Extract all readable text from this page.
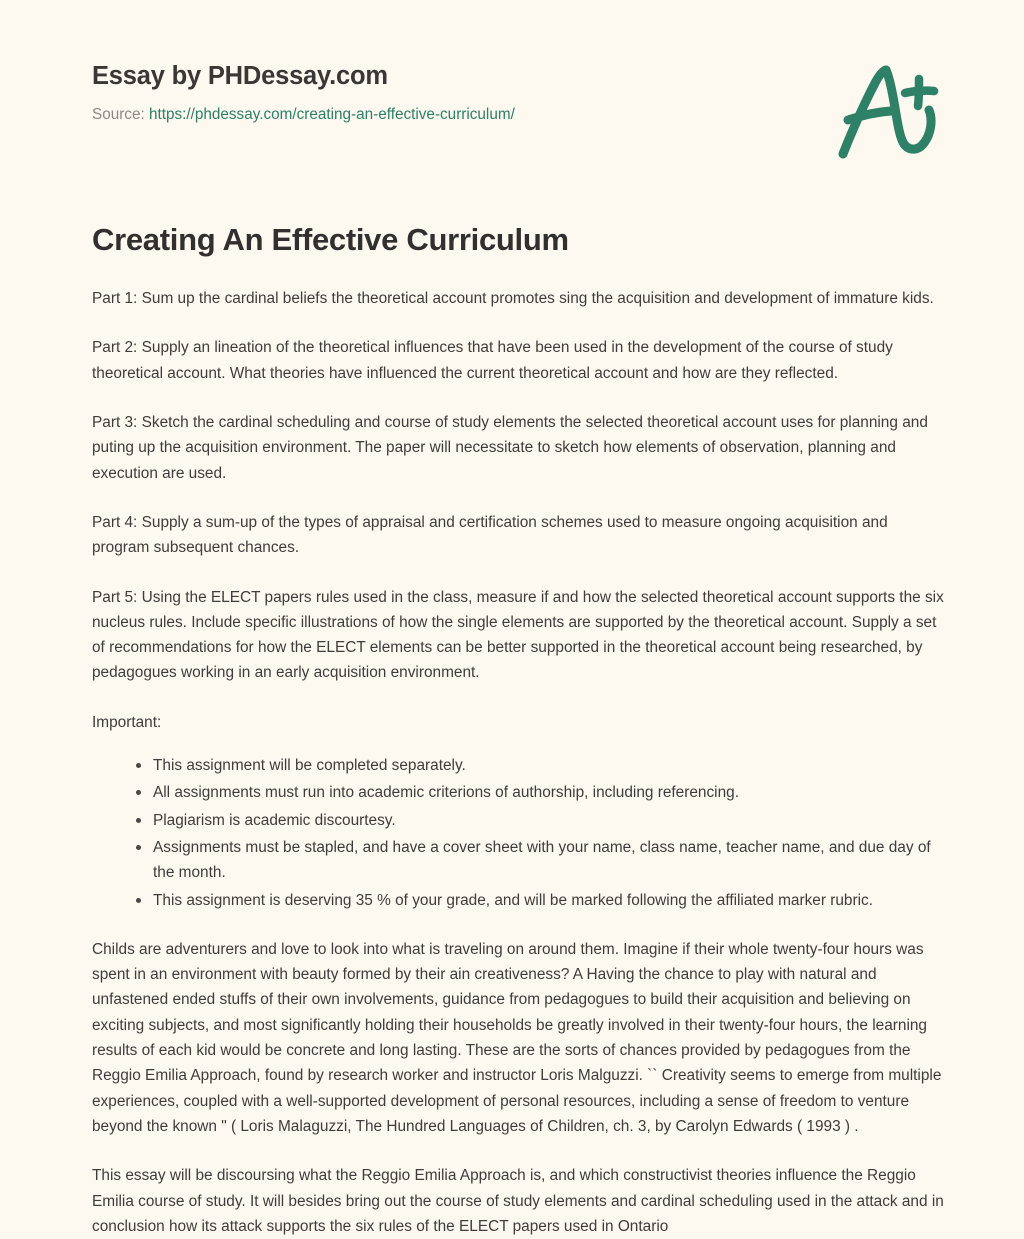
Essay by PHDessay.com
Source: https://phdessay.com/creating-an-effective-curriculum/
Creating An Effective Curriculum

Part 1: Sum up the cardinal beliefs the theoretical account promotes sing the acquisition and development of immature kids.

Part 2: Supply an lineation of the theoretical influences that have been used in the development of the course of study theoretical account. What theories have influenced the current theoretical account and how are they reflected.

Part 3: Sketch the cardinal scheduling and course of study elements the selected theoretical account uses for planning and puting up the acquisition environment. The paper will necessitate to sketch how elements of observation, planning and execution are used.

Part 4: Supply a sum-up of the types of appraisal and certification schemes used to measure ongoing acquisition and program subsequent chances.

Part 5: Using the ELECT papers rules used in the class, measure if and how the selected theoretical account supports the six nucleus rules. Include specific illustrations of how the single elements are supported by the theoretical account. Supply a set of recommendations for how the ELECT elements can be better supported in the theoretical account being researched, by pedagogues working in an early acquisition environment.

Important:

This assignment will be completed separately.
All assignments must run into academic criterions of authorship, including referencing.
Plagiarism is academic discourtesy.
Assignments must be stapled, and have a cover sheet with your name, class name, teacher name, and due day of the month.
This assignment is deserving 35 % of your grade, and will be marked following the affiliated marker rubric.

Childs are adventurers and love to look into what is traveling on around them. Imagine if their whole twenty-four hours was spent in an environment with beauty formed by their ain creativeness? A Having the chance to play with natural and unfastened ended stuffs of their own involvements, guidance from pedagogues to build their acquisition and believing on exciting subjects, and most significantly holding their households be greatly involved in their twenty-four hours, the learning results of each kid would be concrete and long lasting. These are the sorts of chances provided by pedagogues from the Reggio Emilia Approach, found by research worker and instructor Loris Malguzzi. `` Creativity seems to emerge from multiple experiences, coupled with a well-supported development of personal resources, including a sense of freedom to venture beyond the known " ( Loris Malaguzzi, The Hundred Languages of Children, ch. 3, by Carolyn Edwards ( 1993 ) .

This essay will be discoursing what the Reggio Emilia Approach is, and which constructivist theories influence the Reggio Emilia course of study. It will besides bring out the course of study elements and cardinal scheduling used in the attack and in conclusion how its attack supports the six rules of the ELECT papers used in Ontario
